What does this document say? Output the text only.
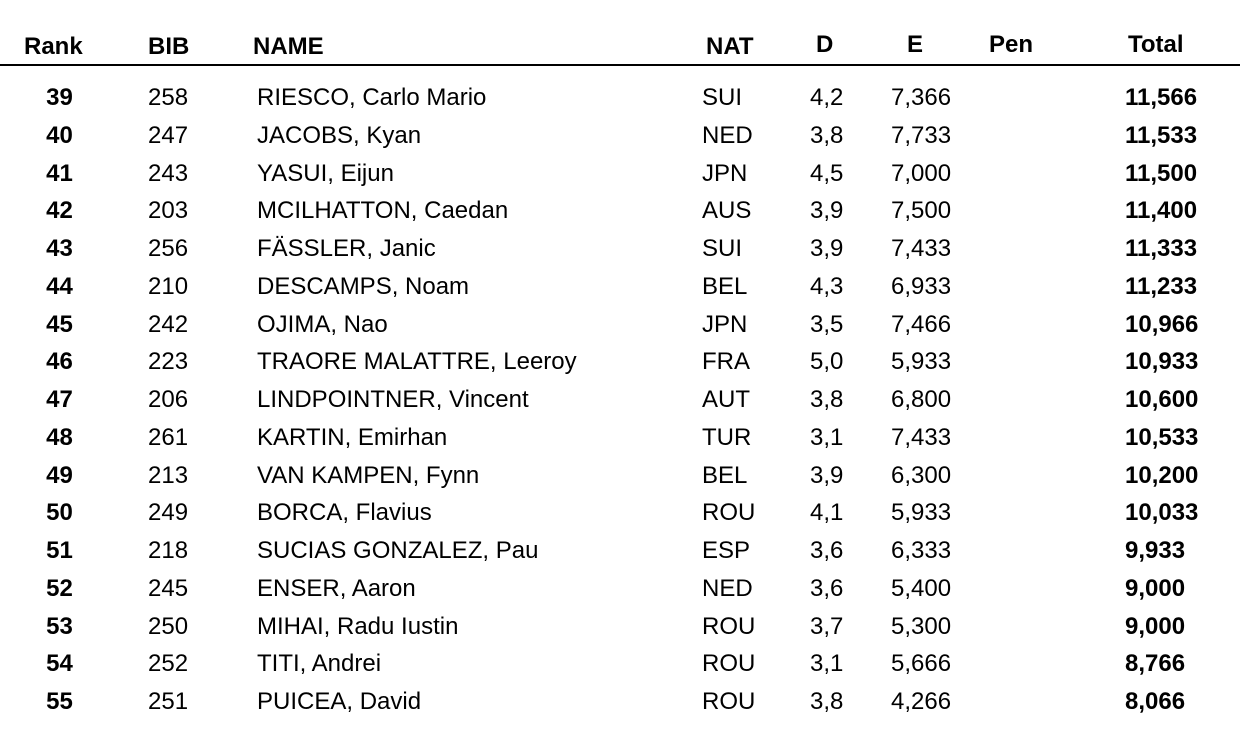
Rank	BIB	NAME	NAT	D	E	Pen	Total
39	258	RIESCO, Carlo Mario	SUI	4,2 7,366	11,566
40	247	JACOBS, Kyan	NED 3,8 7,733	11,533
41	243	YASUI, Eijun	JPN	4,5 7,000	11,500
42	203	MCILHATTON, Caedan	AUS 3,9 7,500	11,400
43	256	FÄSSLER, Janic	SUI	3,9 7,433	11,333
44	210	DESCAMPS, Noam	BEL	4,3 6,933	11,233
45	242	OJIMA, Nao	JPN	3,5 7,466	10,966
46	223	TRAORE MALATTRE, Leeroy	FRA	5,0 5,933	10,933
47	206	LINDPOINTNER, Vincent	AUT	3,8 6,800	10,600
48	261	KARTIN, Emirhan	TUR 3,1 7,433	10,533
49	213	VAN KAMPEN, Fynn	BEL	3,9 6,300	10,200
50	249	BORCA, Flavius	ROU 4,1 5,933	10,033
51	218	SUCIAS GONZALEZ, Pau	ESP 3,6 6,333	9,933
52	245	ENSER, Aaron	NED 3,6 5,400	9,000
53	250	MIHAI, Radu Iustin	ROU 3,7 5,300	9,000
54	252	TITI, Andrei	ROU 3,1 5,666	8,766
55	251	PUICEA, David	ROU 3,8 4,266	8,066
